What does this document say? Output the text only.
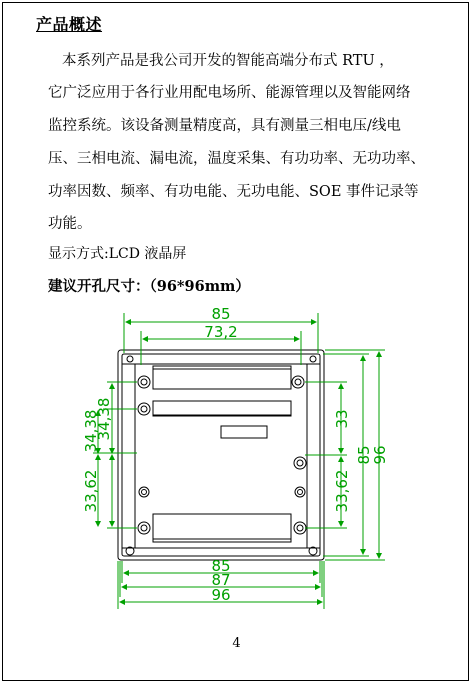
产品概述
本系列产品是我公司开发的智能高端分布式 RTU ，
它广泛应用于各行业用配电场所、能源管理以及智能网络
监控系统。该设备测量精度高，具有测量三相电压/线电
压、三相电流、漏电流，温度采集、有功功率、无功功率、
功率因数、频率、有功电能、无功电能、SOE 事件记录等
功能。
显示方式:LCD 液晶屏
建议开孔尺寸：（96*96mm）
85
73,2
85
87
96
34,38
34,38
33,62
33
33,62
85
96
4
